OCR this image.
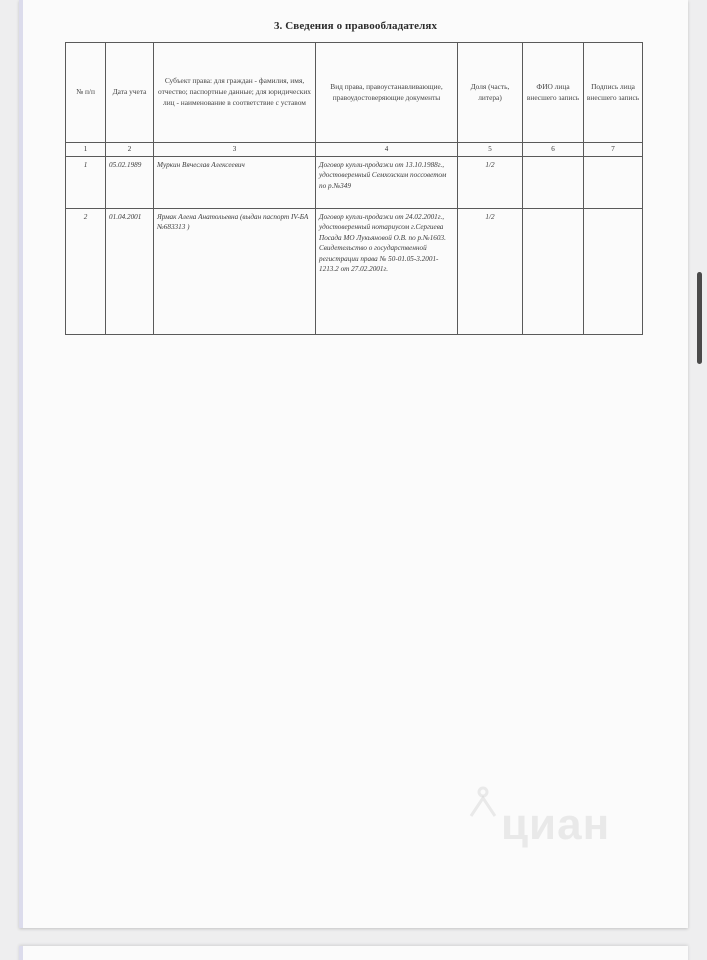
3. Сведения о правообладателях
№ п/п	Дата учета	Субъект права: для граждан - фамилия, имя, отчество; паспортные данные; для юридических лиц - наименование в соответствие с уставом	Вид права, правоустанавливающие, правоудостоверяющие документы	Доля (часть, литера)	ФИО лица внесшего запись	Подпись лица внесшего запись
1	2	3	4	5	6	7
1	05.02.1989	Муркин Вячеслав Алексеевич	Договор купли-продажи от 13.10.1988г., удостоверенный Семхозским поссоветом по р.№349	1/2		
2	01.04.2001	Ярмак Алена Анатольевна (выдан паспорт IV-БА №683313 )	Договор купли-продажи от 24.02.2001г., удостоверенный нотариусом г.Сергиева Посада МО Лукьяновой О.В. по р.№1603. Свидетельство о государственной регистрации права № 50-01.05-3.2001-1213.2 от 27.02.2001г.	1/2		
циан
